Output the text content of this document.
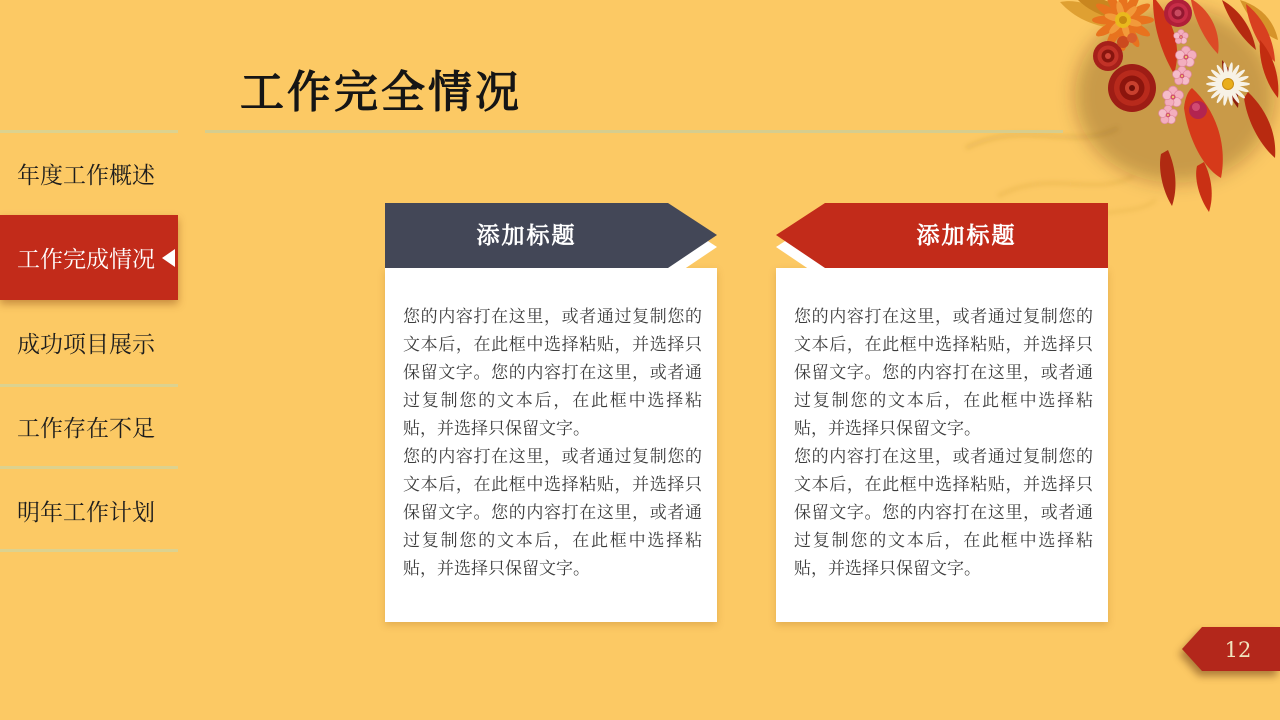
工作完全情况
年度工作概述
工作完成情况
成功项目展示
工作存在不足
明年工作计划
添加标题

您的内容打在这里，或者通过复制您的文本后，在此框中选择粘贴，并选择只保留文字。您的内容打在这里，或者通过复制您的文本后，在此框中选择粘贴，并选择只保留文字。

您的内容打在这里，或者通过复制您的文本后，在此框中选择粘贴，并选择只保留文字。您的内容打在这里，或者通过复制您的文本后，在此框中选择粘贴，并选择只保留文字。

添加标题

您的内容打在这里，或者通过复制您的文本后，在此框中选择粘贴，并选择只保留文字。您的内容打在这里，或者通过复制您的文本后，在此框中选择粘贴，并选择只保留文字。

您的内容打在这里，或者通过复制您的文本后，在此框中选择粘贴，并选择只保留文字。您的内容打在这里，或者通过复制您的文本后，在此框中选择粘贴，并选择只保留文字。

12
